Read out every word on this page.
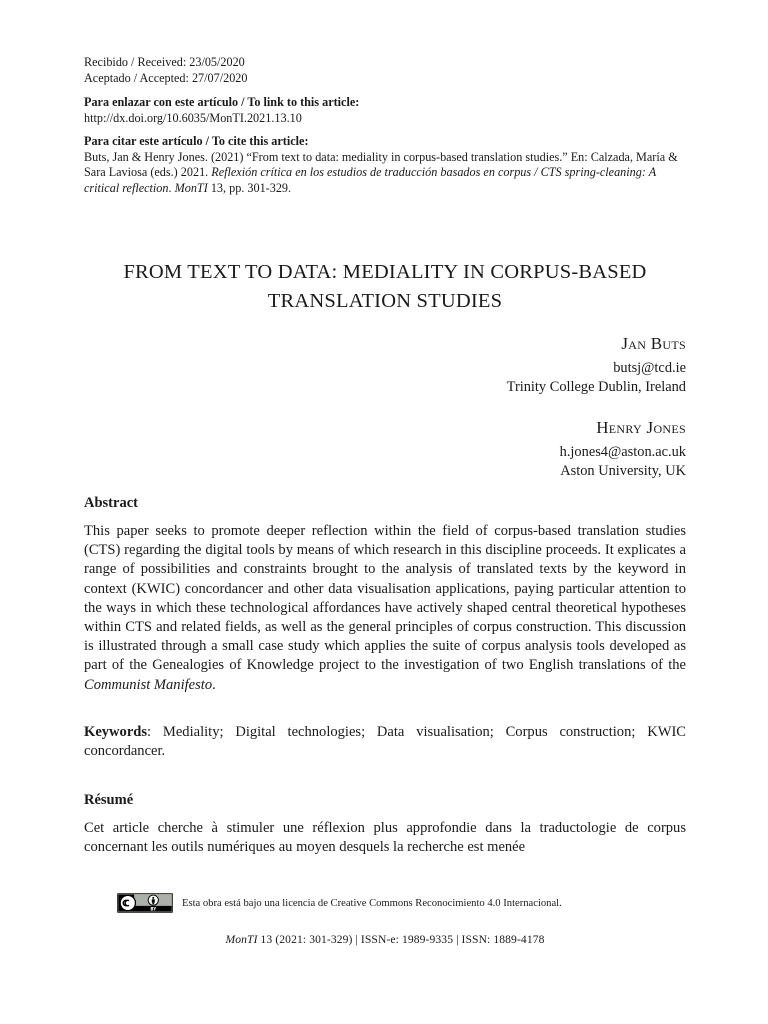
Recibido / Received: 23/05/2020
Aceptado / Accepted: 27/07/2020
Para enlazar con este artículo / To link to this article:
http://dx.doi.org/10.6035/MonTI.2021.13.10
Para citar este artículo / To cite this article:
Buts, Jan & Henry Jones. (2021) “From text to data: mediality in corpus-based translation studies.” En: Calzada, María & Sara Laviosa (eds.) 2021. Reflexión crítica en los estudios de traducción basados en corpus / CTS spring-cleaning: A critical reflection. MonTI 13, pp. 301-329.
FROM TEXT TO DATA: MEDIALITY IN CORPUS-BASED
TRANSLATION STUDIES
Jan Buts
butsj@tcd.ie
Trinity College Dublin, Ireland
Henry Jones
h.jones4@aston.ac.uk
Aston University, UK
Abstract
This paper seeks to promote deeper reflection within the field of corpus-based translation studies (CTS) regarding the digital tools by means of which research in this discipline proceeds. It explicates a range of possibilities and constraints brought to the analysis of translated texts by the keyword in context (KWIC) concordancer and other data visualisation applications, paying particular attention to the ways in which these technological affordances have actively shaped central theoretical hypotheses within CTS and related fields, as well as the general principles of corpus construction. This discussion is illustrated through a small case study which applies the suite of corpus analysis tools developed as part of the Genealogies of Knowledge project to the investigation of two English translations of the Communist Manifesto.
Keywords: Mediality; Digital technologies; Data visualisation; Corpus construction; KWIC concordancer.
Résumé
Cet article cherche à stimuler une réflexion plus approfondie dans la traductologie de corpus concernant les outils numériques au moyen desquels la recherche est menée
BY
Esta obra está bajo una licencia de Creative Commons Reconocimiento 4.0 Internacional.
MonTI 13 (2021: 301-329) | ISSN-e: 1989-9335 | ISSN: 1889-4178
